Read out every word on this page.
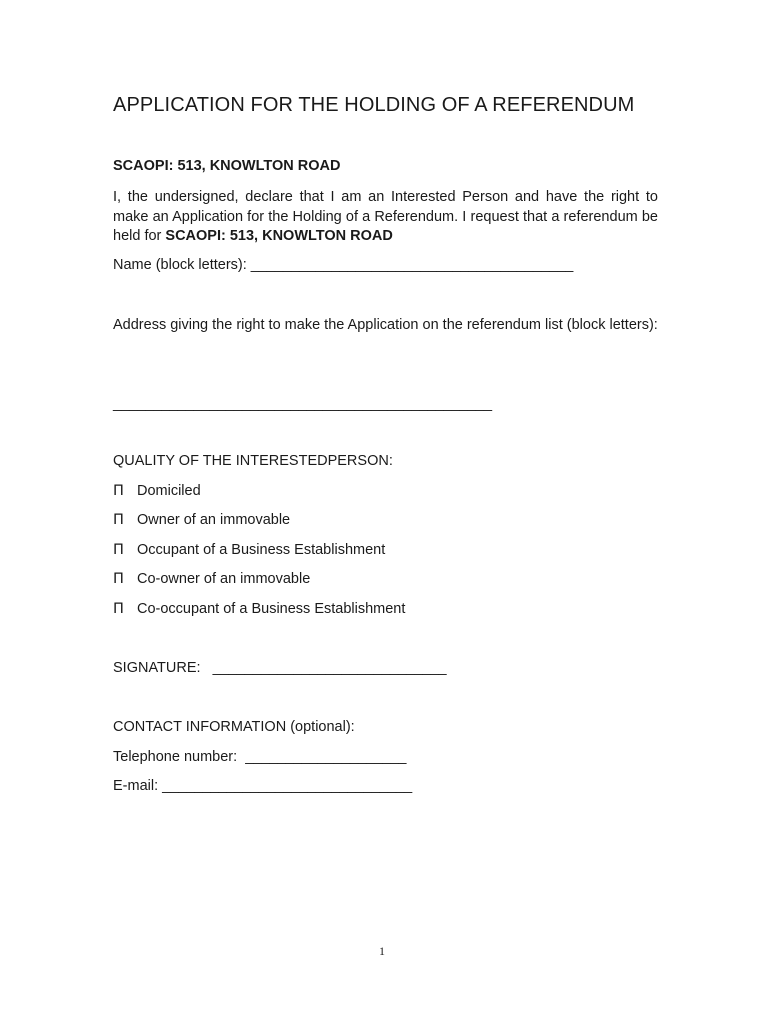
APPLICATION FOR THE HOLDING OF A REFERENDUM
SCAOPI: 513, KNOWLTON ROAD
I, the undersigned, declare that I am an Interested Person and have the right to make an Application for the Holding of a Referendum. I request that a referendum be held for SCAOPI: 513, KNOWLTON ROAD
Name (block letters): ________________________________________
Address giving the right to make the Application on the referendum list (block letters):
_______________________________________________
QUALITY OF THE INTERESTEDPERSON:
Π Domiciled
Π Owner of an immovable
Π Occupant of a Business Establishment
Π Co-owner of an immovable
Π Co-occupant of a Business Establishment
SIGNATURE:   _____________________________
CONTACT INFORMATION (optional):
Telephone number:  ____________________
E-mail: _______________________________
1
